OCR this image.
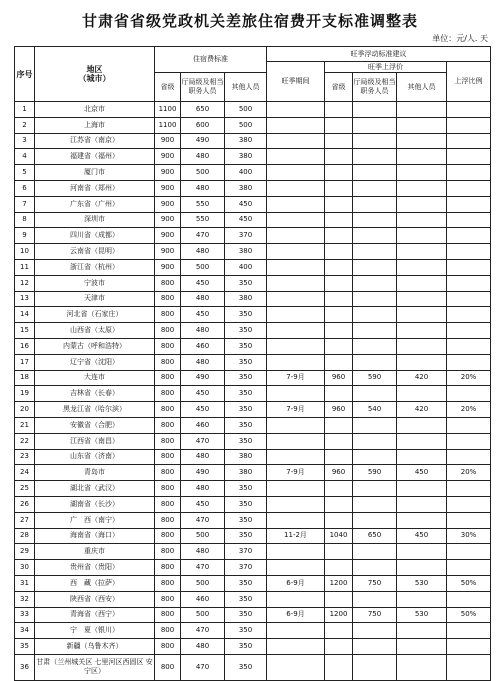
甘肃省省级党政机关差旅住宿费开支标准调整表
单位：元/人. 天
序号	地区
（城市）	住宿费标准			旺季浮动标准建议				
					旺季期间	旺季上浮价			上浮比例
		省级	厅局级及相当职务人员	其他人员		省级	厅局级及相当职务人员	其他人员	
1	北京市	1100	650	500					
2	上海市	1100	600	500					
3	江苏省（南京）	900	490	380					
4	福建省（福州）	900	480	380					
5	厦门市	900	500	400					
6	河南省（郑州）	900	480	380					
7	广东省（广州）	900	550	450					
8	深圳市	900	550	450					
9	四川省（成都）	900	470	370					
10	云南省（昆明）	900	480	380					
11	浙江省（杭州）	900	500	400					
12	宁波市	800	450	350					
13	天津市	800	480	380					
14	河北省（石家庄）	800	450	350					
15	山西省（太原）	800	480	350					
16	内蒙古（呼和浩特）	800	460	350					
17	辽宁省（沈阳）	800	480	350					
18	大连市	800	490	350	7-9月	960	590	420	20%
19	吉林省（长春）	800	450	350					
20	黑龙江省（哈尔滨）	800	450	350	7-9月	960	540	420	20%
21	安徽省（合肥）	800	460	350					
22	江西省（南昌）	800	470	350					
23	山东省（济南）	800	480	380					
24	青岛市	800	490	380	7-9月	960	590	450	20%
25	湖北省（武汉）	800	480	350					
26	湖南省（长沙）	800	450	350					
27	广　西（南宁）	800	470	350					
28	海南省（海口）	800	500	350	11-2月	1040	650	450	30%
29	重庆市	800	480	370					
30	贵州省（贵阳）	800	470	370					
31	西　藏（拉萨）	800	500	350	6-9月	1200	750	530	50%
32	陕西省（西安）	800	460	350					
33	青海省（西宁）	800	500	350	6-9月	1200	750	530	50%
34	宁　夏（银川）	800	470	350					
35	新疆（乌鲁木齐）	800	480	350					
36	甘肃（兰州城关区 七里河区西固区 安宁区）	800	470	350					
